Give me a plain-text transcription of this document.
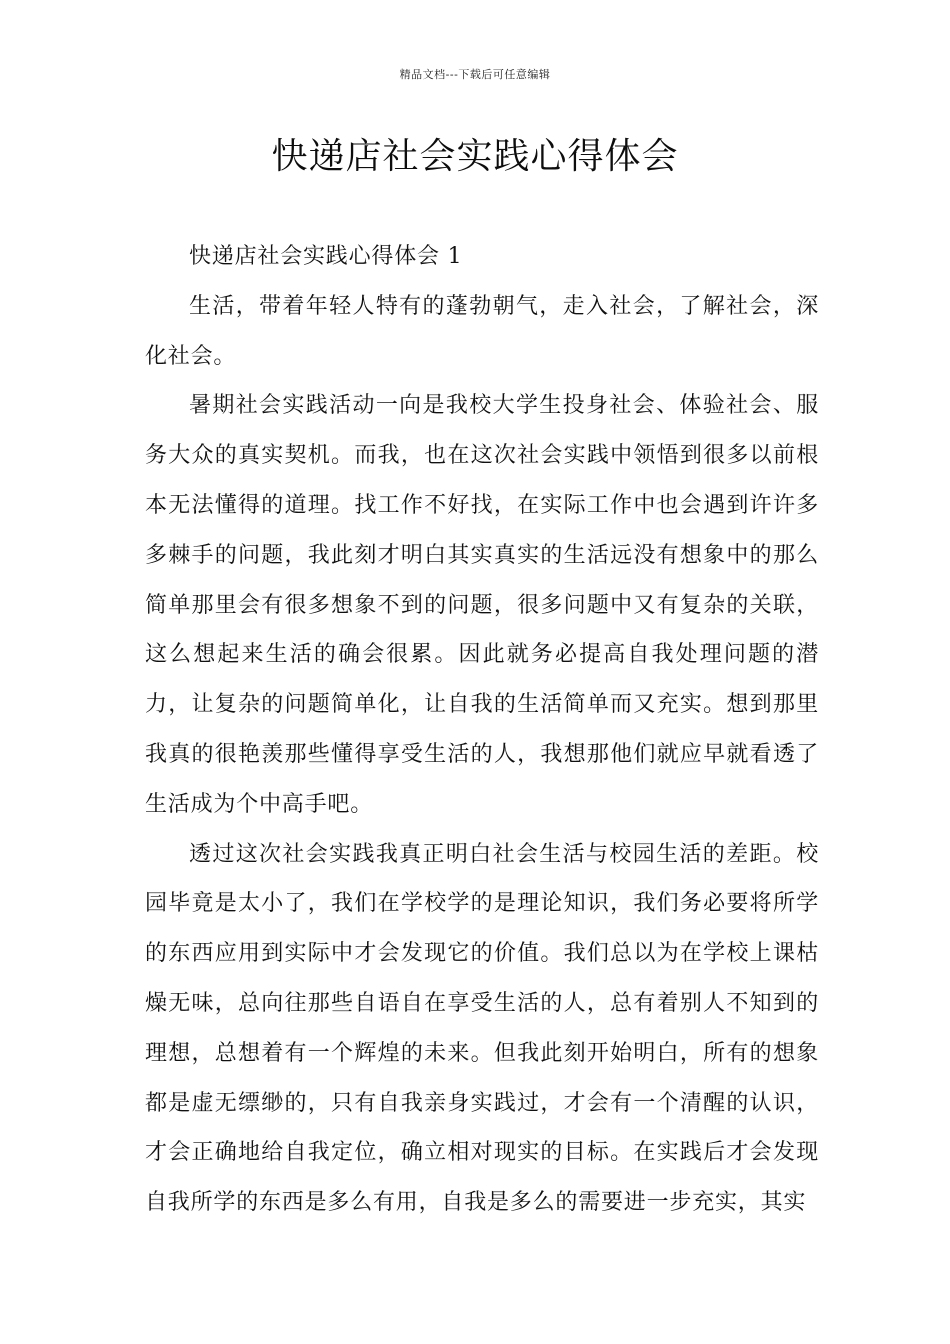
精品文档---下载后可任意编辑
快递店社会实践心得体会

快递店社会实践心得体会 1

生活，带着年轻人特有的蓬勃朝气，走入社会，了解社会，深化社会。

暑期社会实践活动一向是我校大学生投身社会、体验社会、服务大众的真实契机。而我，也在这次社会实践中领悟到很多以前根本无法懂得的道理。找工作不好找，在实际工作中也会遇到许许多多棘手的问题，我此刻才明白其实真实的生活远没有想象中的那么简单那里会有很多想象不到的问题，很多问题中又有复杂的关联，这么想起来生活的确会很累。因此就务必提高自我处理问题的潜力，让复杂的问题简单化，让自我的生活简单而又充实。想到那里我真的很艳羡那些懂得享受生活的人，我想那他们就应早就看透了生活成为个中高手吧。

透过这次社会实践我真正明白社会生活与校园生活的差距。校园毕竟是太小了，我们在学校学的是理论知识，我们务必要将所学的东西应用到实际中才会发现它的价值。我们总以为在学校上课枯燥无味，总向往那些自语自在享受生活的人，总有着别人不知到的理想，总想着有一个辉煌的未来。但我此刻开始明白，所有的想象都是虚无缥缈的，只有自我亲身实践过，才会有一个清醒的认识，才会正确地给自我定位，确立相对现实的目标。在实践后才会发现自我所学的东西是多么有用，自我是多么的需要进一步充实，其实
